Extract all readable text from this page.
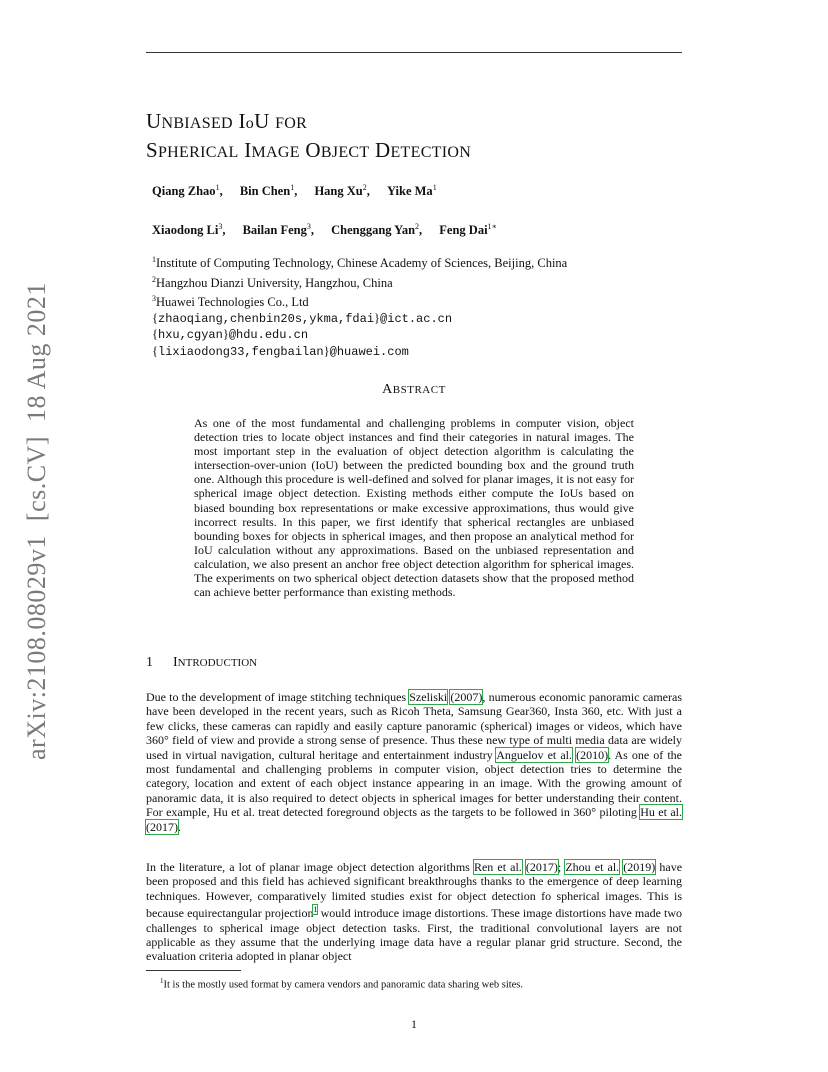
arXiv:2108.08029v1[cs.CV]18 Aug 2021
UNBIASED IoU FOR
SPHERICAL IMAGE OBJECT DETECTION
Qiang Zhao$^1$, Bin Chen$^1$, Hang Xu$^2$, Yike Ma$^1$
Xiaodong Li$^3$, Bailan Feng$^3$, Chenggang Yan$^2$, Feng Dai$^{1∗}$
$^1$Institute of Computing Technology, Chinese Academy of Sciences, Beijing, China
$^2$Hangzhou Dianzi University, Hangzhou, China
$^3$Huawei Technologies Co., Ltd
{zhaoqiang,chenbin20s,ykma,fdai}@ict.ac.cn
{hxu,cgyan}@hdu.edu.cn
{lixiaodong33,fengbailan}@huawei.com
ABSTRACT
As one of the most fundamental and challenging problems in computer vision, object detection tries to locate object instances and find their categories in natural images. The most important step in the evaluation of object detection algorithm is calculating the intersection-over-union (IoU) between the predicted bounding box and the ground truth one. Although this procedure is well-defined and solved for planar images, it is not easy for spherical image object detection. Existing methods either compute the IoUs based on biased bounding box representations or make excessive approximations, thus would give incorrect results. In this paper, we first identify that spherical rectangles are unbiased bounding boxes for objects in spherical images, and then propose an analytical method for IoU calculation without any approximations. Based on the unbiased representation and calculation, we also present an anchor free object detection algorithm for spherical images. The experiments on two spherical object detection datasets show that the proposed method can achieve better performance than existing methods.
1 INTRODUCTION
Due to the development of image stitching techniques Szeliski (2007), numerous economic panoramic cameras have been developed in the recent years, such as Ricoh Theta, Samsung Gear360, Insta 360, etc. With just a few clicks, these cameras can rapidly and easily capture panoramic (spherical) images or videos, which have 360° field of view and provide a strong sense of presence. Thus these new type of multi media data are widely used in virtual navigation, cultural heritage and entertainment industry Anguelov et al. (2010). As one of the most fundamental and challenging problems in computer vision, object detection tries to determine the category, location and extent of each object instance appearing in an image. With the growing amount of panoramic data, it is also required to detect objects in spherical images for better understanding their content. For example, Hu et al. treat detected foreground objects as the targets to be followed in 360° piloting Hu et al. (2017).
In the literature, a lot of planar image object detection algorithms Ren et al. (2017); Zhou et al. (2019) have been proposed and this field has achieved significant breakthroughs thanks to the emergence of deep learning techniques. However, comparatively limited studies exist for object detection fo spherical images. This is because equirectangular projection$^1$ would introduce image distortions. These image distortions have made two challenges to spherical image object detection tasks. First, the traditional convolutional layers are not applicable as they assume that the underlying image data have a regular planar grid structure. Second, the evaluation criteria adopted in planar object
$^1$It is the mostly used format by camera vendors and panoramic data sharing web sites.
1
